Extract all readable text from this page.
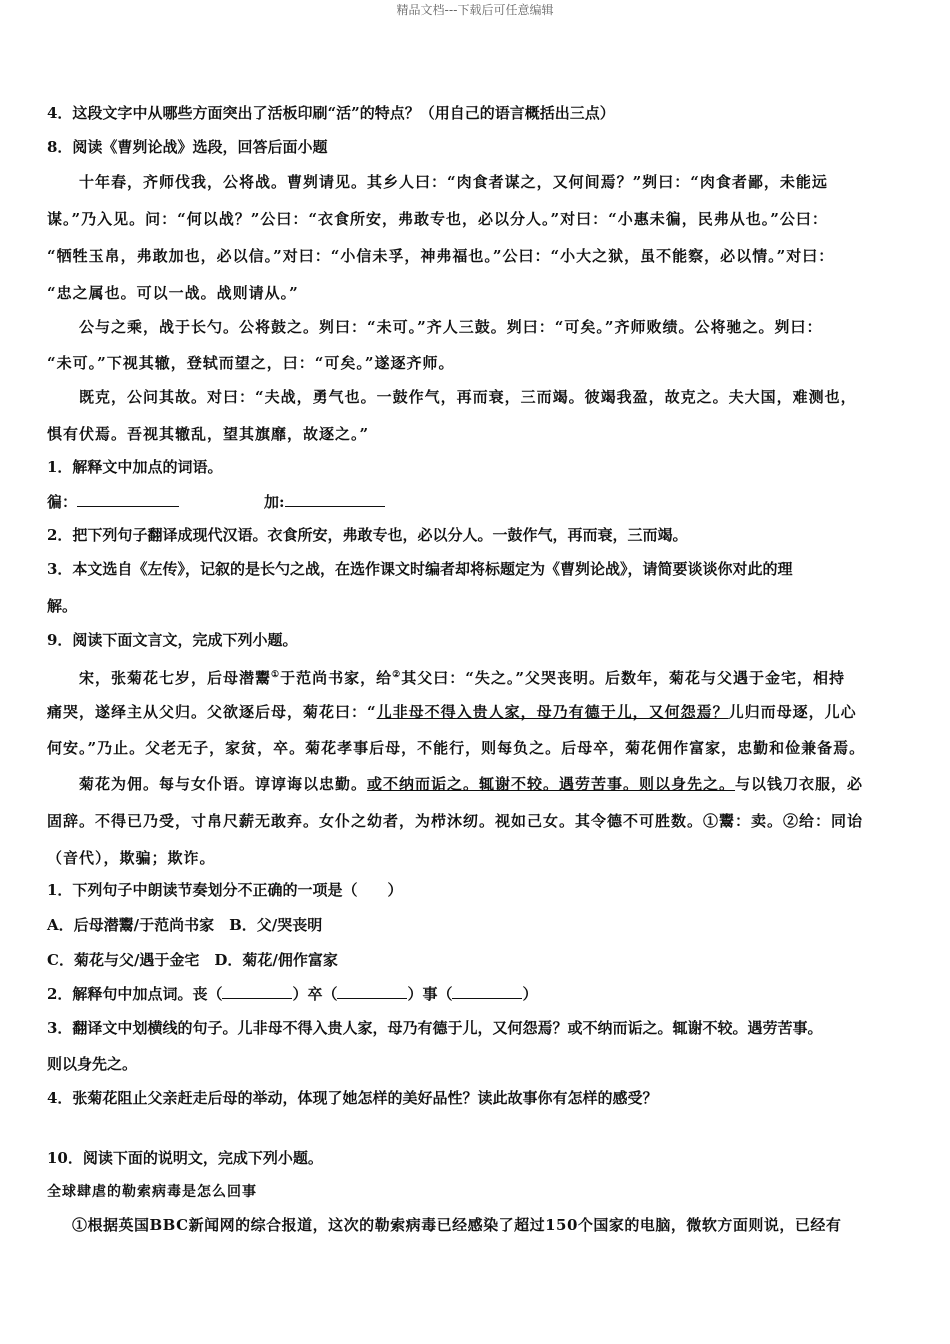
精品文档---下载后可任意编辑
4．这段文字中从哪些方面突出了活板印刷“活”的特点？（用自己的语言概括出三点）
8．阅读《曹刿论战》选段，回答后面小题
十年春，齐师伐我，公将战。曹刿请见。其乡人曰：“肉食者谋之，又何间焉？”刿曰：“肉食者鄙，未能远
谋。”乃入见。问：“何以战？”公曰：“衣食所安，弗敢专也，必以分人。”对曰：“小惠未徧，民弗从也。”公曰：
“牺牲玉帛，弗敢加也，必以信。”对曰：“小信未孚，神弗福也。”公曰：“小大之狱，虽不能察，必以情。”对曰：
“忠之属也。可以一战。战则请从。”
公与之乘，战于长勺。公将鼓之。刿曰：“未可。”齐人三鼓。刿曰：“可矣。”齐师败绩。公将驰之。刿曰：
“未可。”下视其辙，登轼而望之，曰：“可矣。”遂逐齐师。
既克，公问其故。对曰：“夫战，勇气也。一鼓作气，再而衰，三而竭。彼竭我盈，故克之。夫大国，难测也，
惧有伏焉。吾视其辙乱，望其旗靡，故逐之。”
1．解释文中加点的词语。
徧：	加:
2．把下列句子翻译成现代汉语。衣食所安，弗敢专也，必以分人。一鼓作气，再而衰，三而竭。
3．本文选自《左传》，记叙的是长勺之战，在选作课文时编者却将标题定为《曹刿论战》，请简要谈谈你对此的理
解。
9．阅读下面文言文，完成下列小题。
宋，张菊花七岁，后母潜鬻①于范尚书家，给②其父曰：“失之。”父哭丧明。后数年，菊花与父遇于金宅，相持
痛哭，遂绎主从父归。父欲逐后母，菊花曰：“儿非母不得入贵人家，母乃有德于儿，又何怨焉？儿归而母逐，儿心
何安。”乃止。父老无子，家贫，卒。菊花孝事后母，不能行，则每负之。后母卒，菊花佣作富家，忠勤和俭兼备焉。
菊花为佣。每与女仆语。谆谆诲以忠勤。或不纳而诟之。辄谢不较。遇劳苦事。则以身先之。与以钱刀衣服，必
固辞。不得已乃受，寸帛尺薪无敢弃。女仆之幼者，为栉沐纫。视如己女。其令德不可胜数。①鬻：卖。②给：同诒
（音代），欺骗；欺诈。
1．下列句子中朗读节奏划分不正确的一项是（　　）
A．后母潜鬻/于范尚书家　B．父/哭丧明
C．菊花与父/遇于金宅　D．菊花/佣作富家
2．解释句中加点词。丧（	）卒（	）事（	）
3．翻译文中划横线的句子。儿非母不得入贵人家，母乃有德于儿，又何怨焉？或不纳而诟之。辄谢不较。遇劳苦事。
则以身先之。
4．张菊花阻止父亲赶走后母的举动，体现了她怎样的美好品性？读此故事你有怎样的感受？
10．阅读下面的说明文，完成下列小题。
全球肆虐的勒索病毒是怎么回事
①根据英国BBC新闻网的综合报道，这次的勒索病毒已经感染了超过150个国家的电脑，微软方面则说，已经有
